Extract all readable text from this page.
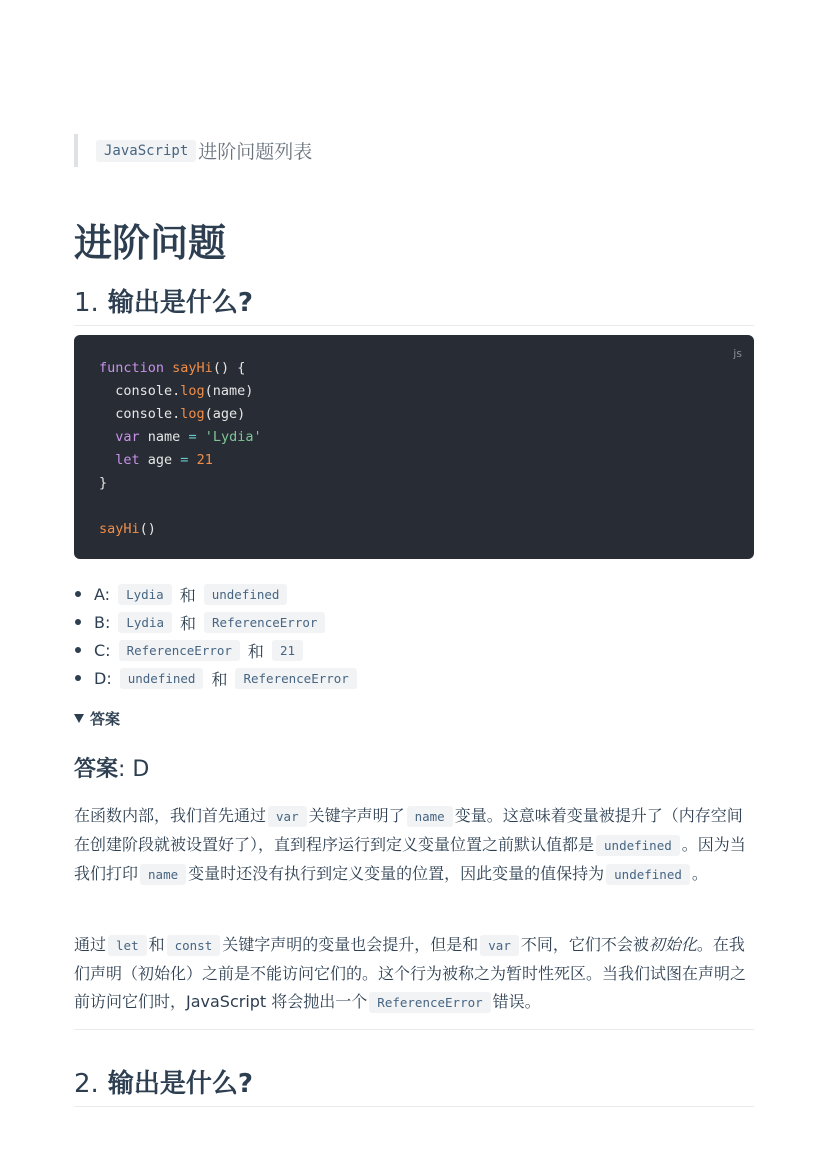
JavaScript 进阶问题列表
进阶问题
1. 输出是什么?
js
function sayHi() {
console.log(name)
console.log(age)
var name = 'Lydia'
let age = 21
}

sayHi()
A:	Lydia	和	undefined
B:	Lydia	和	ReferenceError
C:	ReferenceError	和	21
D:	undefined	和	ReferenceError
答案
答案: D

在函数内部，我们首先通过 var 关键字声明了 name 变量。这意味着变量被提升了（内存空间在创建阶段就被设置好了），直到程序运行到定义变量位置之前默认值都是 undefined 。因为当我们打印 name 变量时还没有执行到定义变量的位置，因此变量的值保持为 undefined 。

通过 let 和 const 关键字声明的变量也会提升，但是和 var 不同，它们不会被初始化。在我们声明（初始化）之前是不能访问它们的。这个行为被称之为暂时性死区。当我们试图在声明之前访问它们时，JavaScript 将会抛出一个 ReferenceError 错误。

2. 输出是什么?
